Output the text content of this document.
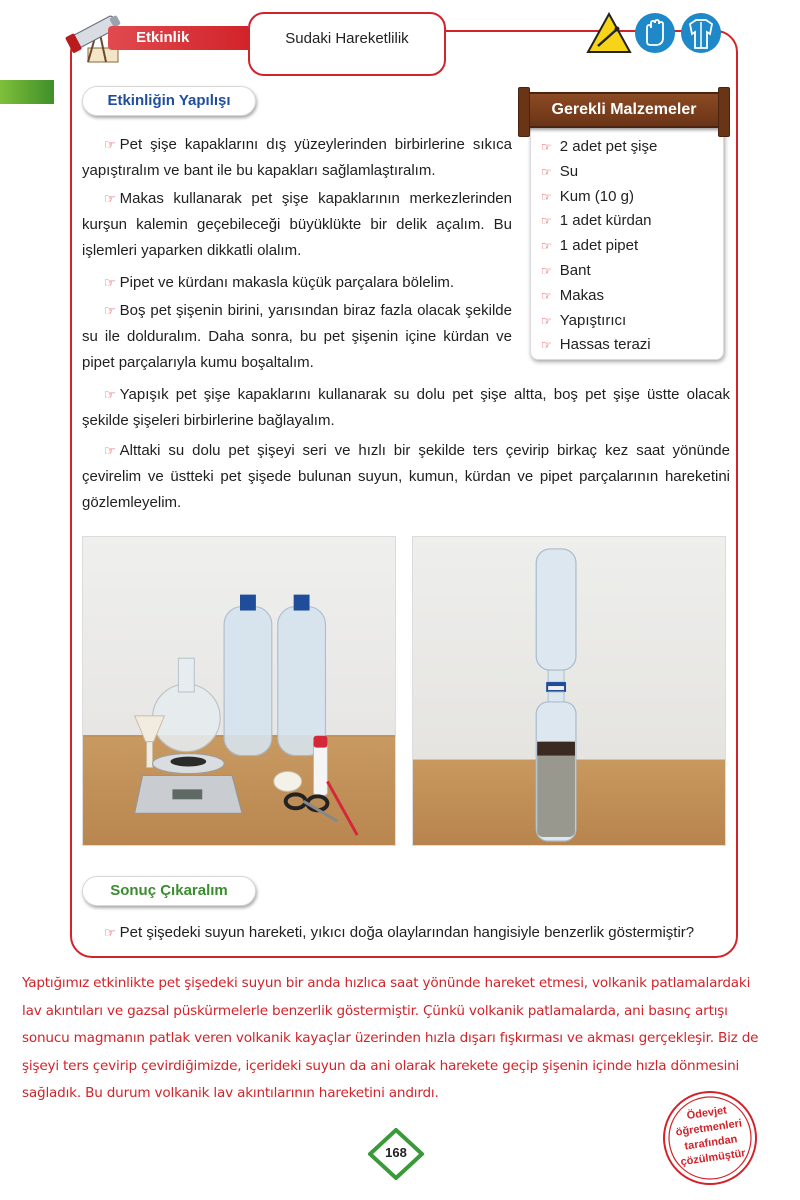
Etkinlik	Sudaki Hareketlilik
Etkinliğin Yapılışı
☞ 2 adet pet şişe
☞ Su
☞ Kum (10 g)
☞ 1 adet kürdan
☞ 1 adet pipet
☞ Bant
☞ Makas
☞ Yapıştırıcı
☞ Hassas terazi
Gerekli Malzemeler

☞ Pet şişe kapaklarını dış yüzeylerinden birbirlerine sıkıca yapıştıralım ve bant ile bu kapakları sağlamlaştıralım.

☞ Makas kullanarak pet şişe kapaklarının merkezlerinden kurşun kalemin geçebileceği büyüklükte bir delik açalım. Bu işlemleri yaparken dikkatli olalım.

☞ Pipet ve kürdanı makasla küçük parçalara bölelim.

☞ Boş pet şişenin birini, yarısından biraz fazla olacak şekilde su ile dolduralım. Daha sonra, bu pet şişenin içine kürdan ve pipet parçalarıyla kumu boşaltalım.

☞ Yapışık pet şişe kapaklarını kullanarak su dolu pet şişe altta, boş pet şişe üstte olacak şekilde şişeleri birbirlerine bağlayalım.

☞ Alttaki su dolu pet şişeyi seri ve hızlı bir şekilde ters çevirip birkaç kez saat yönünde çevirelim ve üstteki pet şişede bulunan suyun, kumun, kürdan ve pipet parçalarının hareketini gözlemleyelim.

Sonuç Çıkaralım

☞ Pet şişedeki suyun hareketi, yıkıcı doğa olaylarından hangisiyle benzerlik göstermiştir?

Yaptığımız etkinlikte pet şişedeki suyun bir anda hızlıca saat yönünde hareket etmesi, volkanik patlamalardaki lav akıntıları ve gazsal püskürmelerle benzerlik göstermiştir. Çünkü volkanik patlamalarda, ani basınç artışı sonucu magmanın patlak veren volkanik kayaçlar üzerinden hızla dışarı fışkırması ve akması gerçekleşir. Biz de şişeyi ters çevirip çevirdiğimizde, içerideki suyun da ani olarak harekete geçip şişenin içinde hızla dönmesini sağladık. Bu durum volkanik lav akıntılarının hareketini andırdı.

168
Ödevjet
öğretmenleri
tarafından
çözülmüştür
